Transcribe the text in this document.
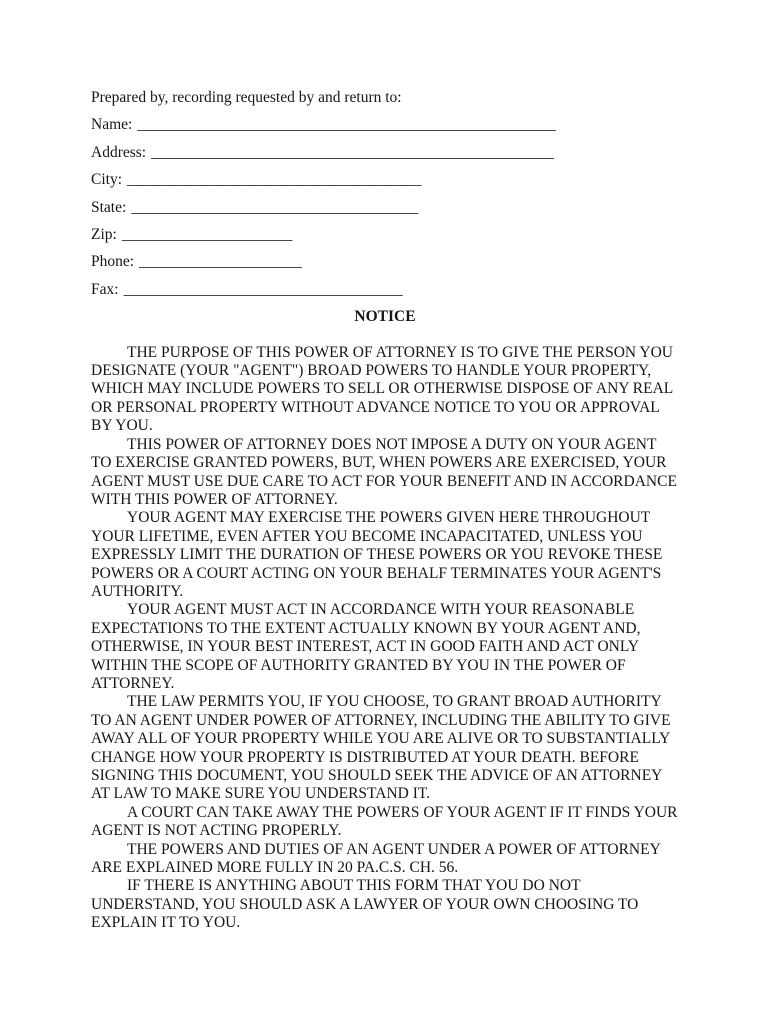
Prepared by, recording requested by and return to:

Name: ______________________________________________________

Address: ____________________________________________________

City: ______________________________________

State: _____________________________________

Zip: ______________________

Phone: _____________________

Fax: ____________________________________

NOTICE

THE PURPOSE OF THIS POWER OF ATTORNEY IS TO GIVE THE PERSON YOU DESIGNATE (YOUR "AGENT") BROAD POWERS TO HANDLE YOUR PROPERTY, WHICH MAY INCLUDE POWERS TO SELL OR OTHERWISE DISPOSE OF ANY REAL OR PERSONAL PROPERTY WITHOUT ADVANCE NOTICE TO YOU OR APPROVAL BY YOU.

THIS POWER OF ATTORNEY DOES NOT IMPOSE A DUTY ON YOUR AGENT TO EXERCISE GRANTED POWERS, BUT, WHEN POWERS ARE EXERCISED, YOUR AGENT MUST USE DUE CARE TO ACT FOR YOUR BENEFIT AND IN ACCORDANCE WITH THIS POWER OF ATTORNEY.

YOUR AGENT MAY EXERCISE THE POWERS GIVEN HERE THROUGHOUT YOUR LIFETIME, EVEN AFTER YOU BECOME INCAPACITATED, UNLESS YOU EXPRESSLY LIMIT THE DURATION OF THESE POWERS OR YOU REVOKE THESE POWERS OR A COURT ACTING ON YOUR BEHALF TERMINATES YOUR AGENT'S AUTHORITY.

YOUR AGENT MUST ACT IN ACCORDANCE WITH YOUR REASONABLE EXPECTATIONS TO THE EXTENT ACTUALLY KNOWN BY YOUR AGENT AND, OTHERWISE, IN YOUR BEST INTEREST, ACT IN GOOD FAITH AND ACT ONLY WITHIN THE SCOPE OF AUTHORITY GRANTED BY YOU IN THE POWER OF ATTORNEY.

THE LAW PERMITS YOU, IF YOU CHOOSE, TO GRANT BROAD AUTHORITY TO AN AGENT UNDER POWER OF ATTORNEY, INCLUDING THE ABILITY TO GIVE AWAY ALL OF YOUR PROPERTY WHILE YOU ARE ALIVE OR TO SUBSTANTIALLY CHANGE HOW YOUR PROPERTY IS DISTRIBUTED AT YOUR DEATH. BEFORE SIGNING THIS DOCUMENT, YOU SHOULD SEEK THE ADVICE OF AN ATTORNEY AT LAW TO MAKE SURE YOU UNDERSTAND IT.

A COURT CAN TAKE AWAY THE POWERS OF YOUR AGENT IF IT FINDS YOUR AGENT IS NOT ACTING PROPERLY.

THE POWERS AND DUTIES OF AN AGENT UNDER A POWER OF ATTORNEY ARE EXPLAINED MORE FULLY IN 20 PA.C.S. CH. 56.

IF THERE IS ANYTHING ABOUT THIS FORM THAT YOU DO NOT UNDERSTAND, YOU SHOULD ASK A LAWYER OF YOUR OWN CHOOSING TO EXPLAIN IT TO YOU.
